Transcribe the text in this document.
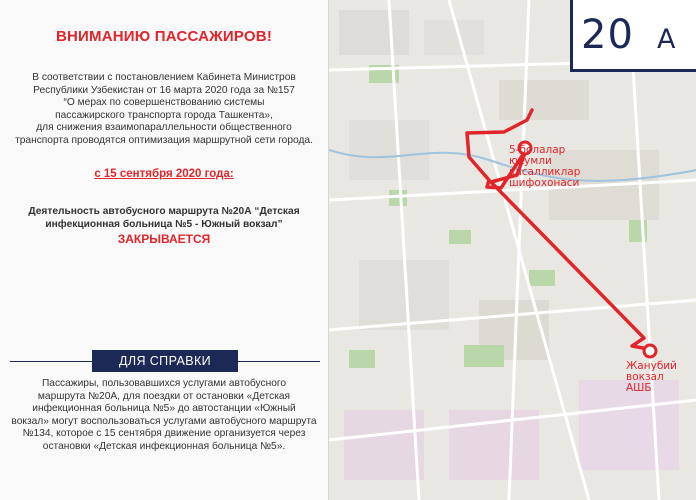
ВНИМАНИЮ ПАССАЖИРОВ!
В соответствии с постановлением Кабинета Министров
Республики Узбекистан от 16 марта 2020 года за №157
“О мерах по совершенствованию системы
пассажирского транспорта города Ташкента»,
для снижения взаимопараллельности общественного
транспорта проводятся оптимизация маршрутной сети города.
с 15 сентября 2020 года:
Деятельность автобусного маршрута №20А “Детская
инфекционная больница №5 - Южный вокзал”
ЗАКРЫВАЕТСЯ
ДЛЯ СПРАВКИ
Пассажиры, пользовавшихся услугами автобусного
маршрута №20А, для поездки от остановки «Детская
инфекционная больница №5» до автостанции «Южный
вокзал» могут воспользоваться услугами автобусного маршрута
№134, которое с 15 сентября движение организуется через
остановки «Детская инфекционная больница №5».
5-болалар
юкумли
касалликлар
шифохонаси
Жанубий
вокзал
АШБ
20 A
